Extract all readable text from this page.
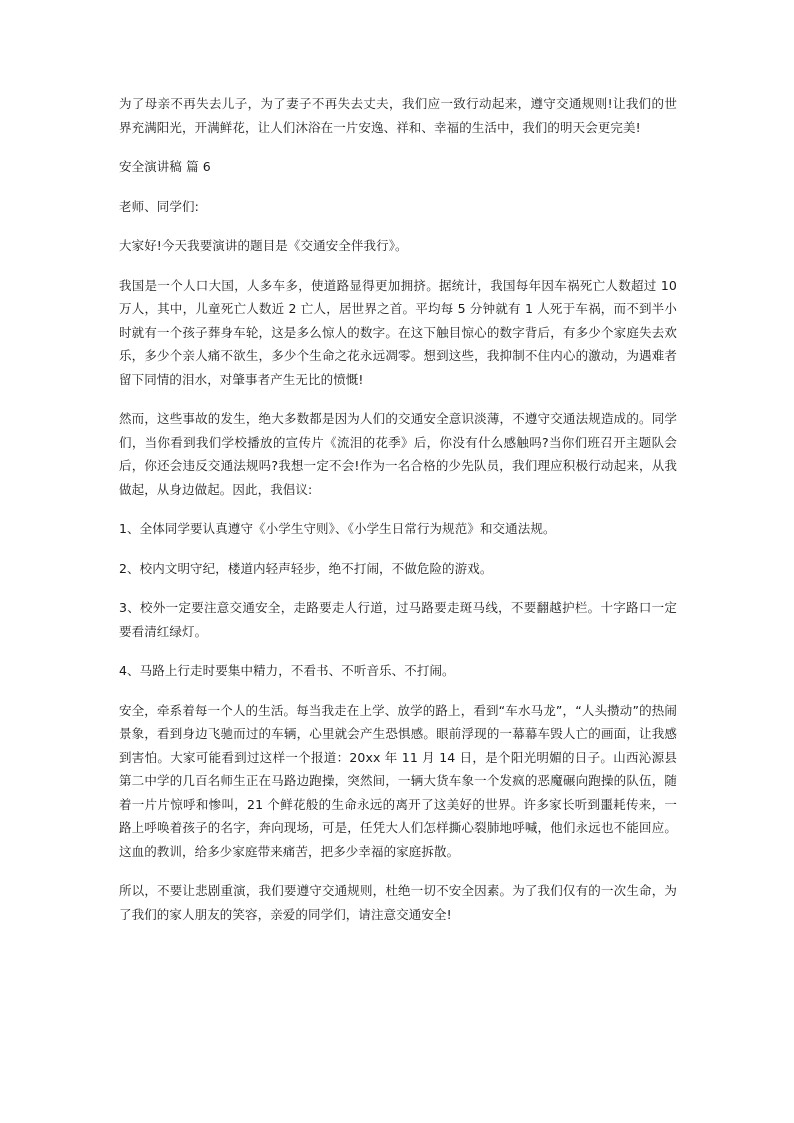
为了母亲不再失去儿子，为了妻子不再失去丈夫，我们应一致行动起来，遵守交通规则!让我们的世界充满阳光，开满鲜花，让人们沐浴在一片安逸、祥和、幸福的生活中，我们的明天会更完美!

安全演讲稿 篇 6

老师、同学们:

大家好!今天我要演讲的题目是《交通安全伴我行》。

我国是一个人口大国，人多车多，使道路显得更加拥挤。据统计，我国每年因车祸死亡人数超过 10 万人，其中，儿童死亡人数近 2 亡人，居世界之首。平均每 5 分钟就有 1 人死于车祸，而不到半小时就有一个孩子葬身车轮，这是多么惊人的数字。在这下触目惊心的数字背后，有多少个家庭失去欢乐，多少个亲人痛不欲生，多少个生命之花永远凋零。想到这些，我抑制不住内心的激动，为遇难者留下同情的泪水，对肇事者产生无比的愤慨!

然而，这些事故的发生，绝大多数都是因为人们的交通安全意识淡薄，不遵守交通法规造成的。同学们，当你看到我们学校播放的宣传片《流泪的花季》后，你没有什么感触吗?当你们班召开主题队会后，你还会违反交通法规吗?我想一定不会!作为一名合格的少先队员，我们理应积极行动起来，从我做起，从身边做起。因此，我倡议:

1、全体同学要认真遵守《小学生守则》、《小学生日常行为规范》和交通法规。

2、校内文明守纪，楼道内轻声轻步，绝不打闹，不做危险的游戏。

3、校外一定要注意交通安全，走路要走人行道，过马路要走斑马线，不要翻越护栏。十字路口一定要看清红绿灯。

4、马路上行走时要集中精力，不看书、不听音乐、不打闹。

安全，牵系着每一个人的生活。每当我走在上学、放学的路上，看到“车水马龙”，“人头攒动”的热闹景象，看到身边飞驰而过的车辆，心里就会产生恐惧感。眼前浮现的一幕幕车毁人亡的画面，让我感到害怕。大家可能看到过这样一个报道：20xx 年 11 月 14 日，是个阳光明媚的日子。山西沁源县第二中学的几百名师生正在马路边跑操，突然间，一辆大货车象一个发疯的恶魔碾向跑操的队伍，随着一片片惊呼和惨叫，21 个鲜花般的生命永远的离开了这美好的世界。许多家长听到噩耗传来，一路上呼唤着孩子的名字，奔向现场，可是，任凭大人们怎样撕心裂肺地呼喊，他们永远也不能回应。这血的教训，给多少家庭带来痛苦，把多少幸福的家庭拆散。

所以，不要让悲剧重演，我们要遵守交通规则，杜绝一切不安全因素。为了我们仅有的一次生命，为了我们的家人朋友的笑容，亲爱的同学们，请注意交通安全!
